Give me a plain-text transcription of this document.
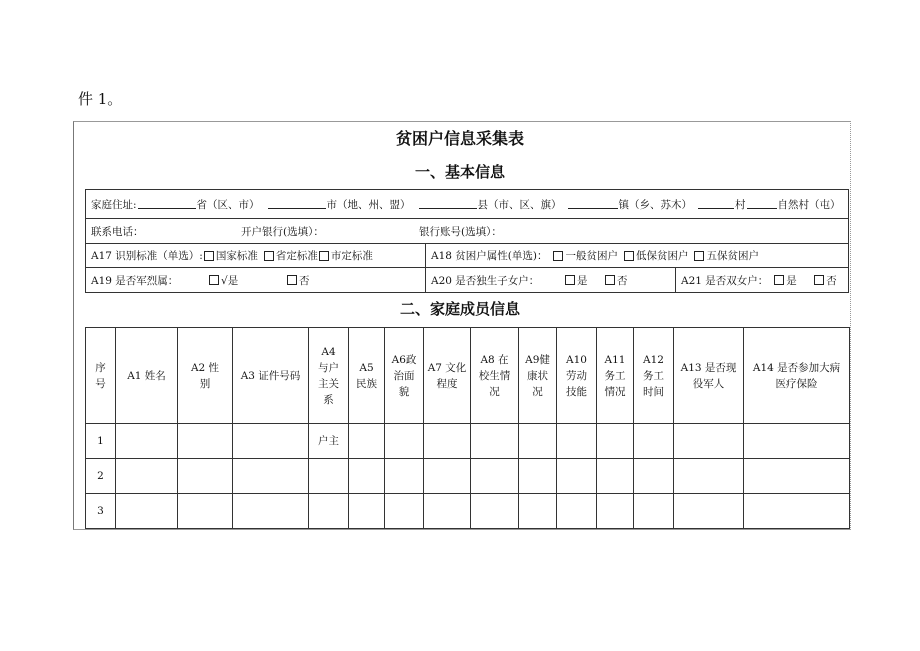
件 1。
贫困户信息采集表
一、基本信息
家庭住址:	省（区、市）	市（地、州、盟）	县（市、区、旗）	镇（乡、苏木）	村	自然村（屯）
联系电话：	开户银行(选填）：	银行账号(选填）：
A17 识别标准（单选）: 国家标准 省定标准 市定标准	A18 贫困户属性(单选)： 一般贫困户 低保贫困户 五保贫困户
A19 是否军烈属：	√是	否	A20 是否独生子女户：	是	否	A21 是否双女户： 是	否
二、家庭成员信息
序号	A1 姓名	A2 性别	A3 证件号码	A4与户主关系	A5民族	A6政治面貌	A7 文化程度	A8 在校生情况	A9健康状况	A10劳动技能	A11务工情况	A12务工时间	A13 是否现役军人	A14 是否参加大病医疗保险
1				户主										
2														
3														
